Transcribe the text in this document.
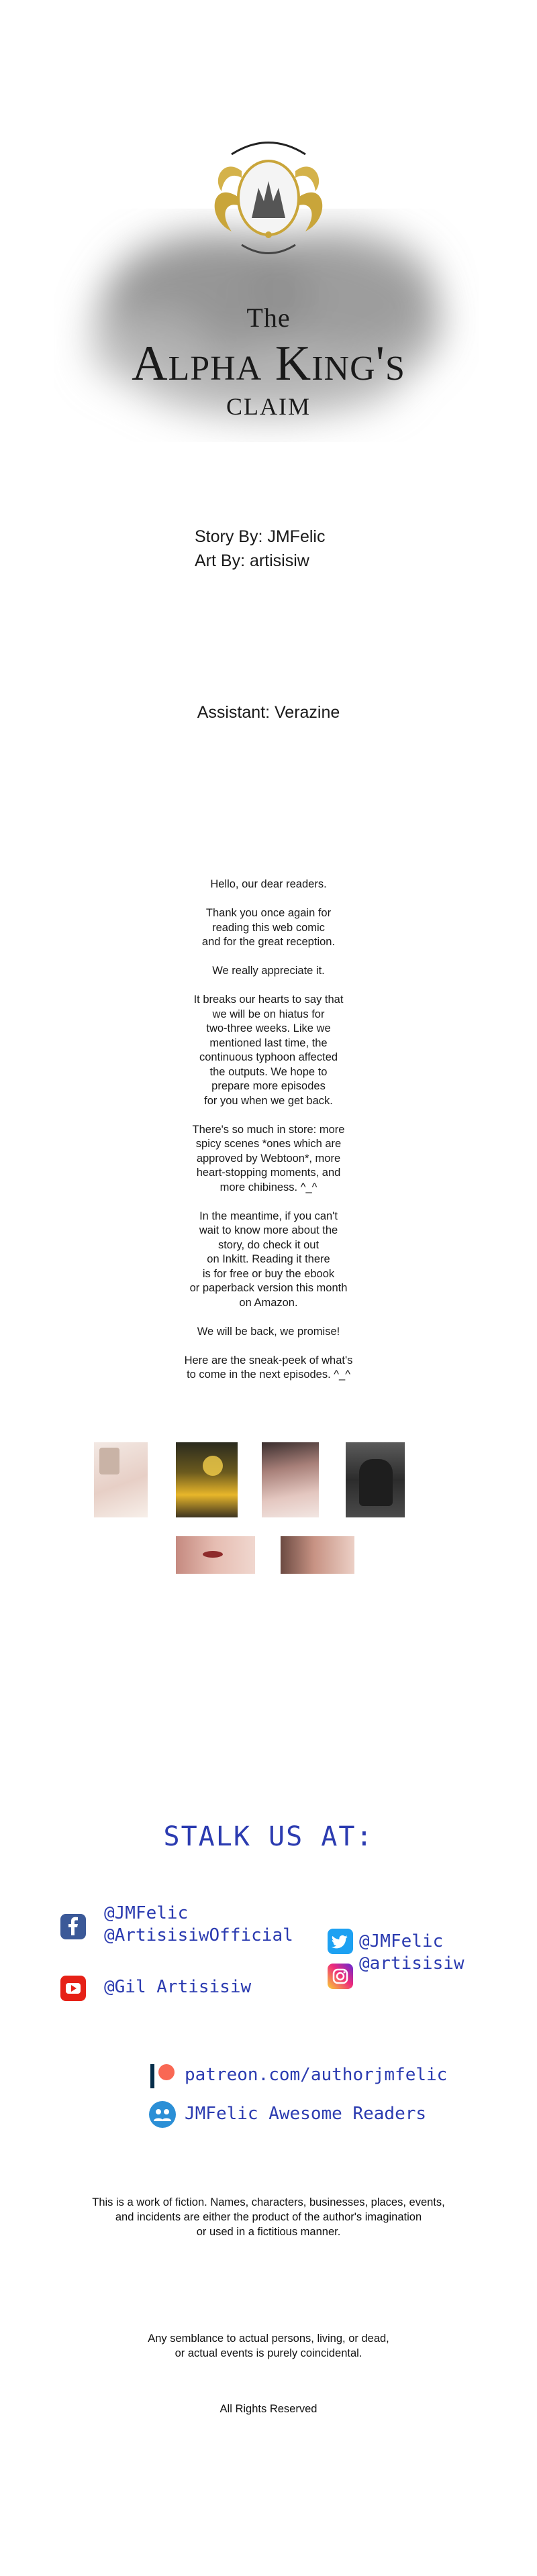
The
Alpha King's
CLAIM
Story By: JMFelic
Art By: artisisiw
Assistant: Verazine

Hello, our dear readers.

Thank you once again for
reading this web comic
and for the great reception.

We really appreciate it.

It breaks our hearts to say that
we will be on hiatus for
two-three weeks. Like we
mentioned last time, the
continuous typhoon affected
the outputs. We hope to
prepare more episodes
for you when we get back.

There's so much in store: more
spicy scenes *ones which are
approved by Webtoon*, more
heart-stopping moments, and
more chibiness. ^_^

In the meantime, if you can't
wait to know more about the
story, do check it out
on Inkitt. Reading it there
is for free or buy the ebook
or paperback version this month
on Amazon.

We will be back, we promise!

Here are the sneak-peek of what's
to come in the next episodes. ^_^

STALK US AT:
@JMFelic
@ArtisisiwOfficial
@Gil Artisisiw
@JMFelic
@artisisiw
patreon.com/authorjmfelic
JMFelic Awesome Readers
This is a work of fiction. Names, characters, businesses, places, events,
and incidents are either the product of the author's imagination
or used in a fictitious manner.
Any semblance to actual persons, living, or dead,
or actual events is purely coincidental.
All Rights Reserved
